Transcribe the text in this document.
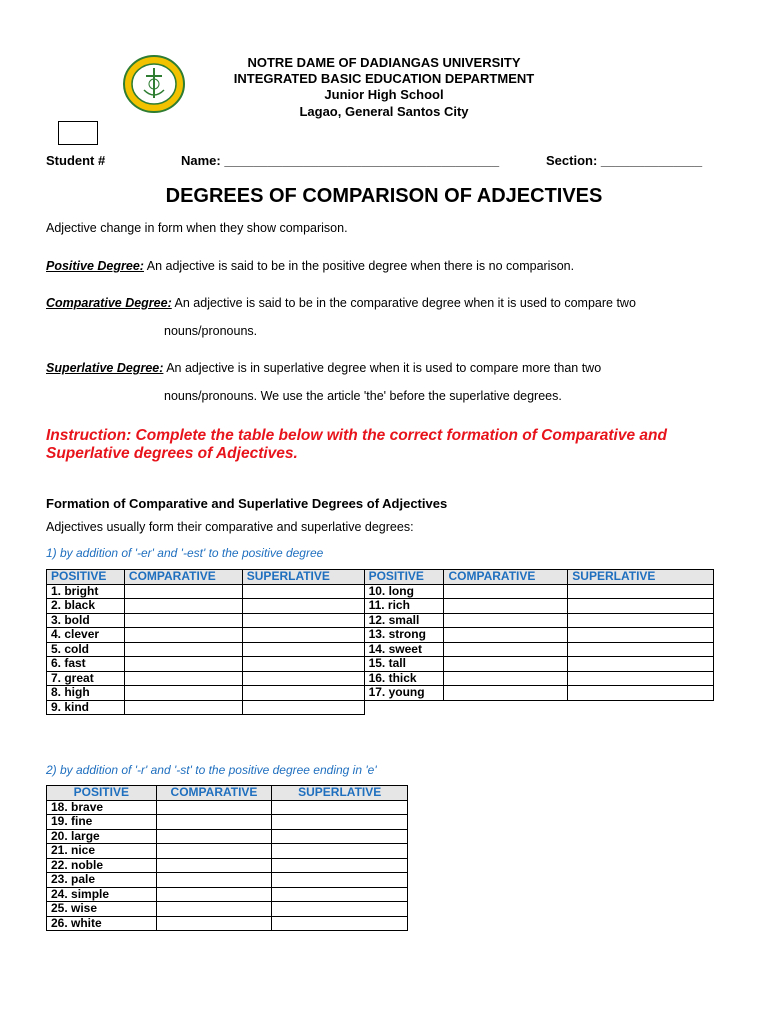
NOTRE DAME OF DADIANGAS UNIVERSITY
INTEGRATED BASIC EDUCATION DEPARTMENT
Junior High School
Lagao, General Santos City
Student #	Name: ______________________________________	Section: ______________
DEGREES OF COMPARISON OF ADJECTIVES
Adjective change in form when they show comparison.
Positive Degree: An adjective is said to be in the positive degree when there is no comparison.
Comparative Degree: An adjective is said to be in the comparative degree when it is used to compare two
nouns/pronouns.
Superlative Degree: An adjective is in superlative degree when it is used to compare more than two
nouns/pronouns. We use the article 'the' before the superlative degrees.
Instruction: Complete the table below with the correct formation of Comparative and Superlative degrees of Adjectives.
Formation of Comparative and Superlative Degrees of Adjectives
Adjectives usually form their comparative and superlative degrees:
1) by addition of '-er' and '-est' to the positive degree
POSITIVE	COMPARATIVE	SUPERLATIVE	POSITIVE	COMPARATIVE	SUPERLATIVE
1. bright			10. long		
2. black			11. rich		
3. bold			12. small		
4. clever			13. strong		
5. cold			14. sweet		
6. fast			15. tall		
7. great			16. thick		
8. high			17. young		
9. kind					
2) by addition of '-r' and '-st' to the positive degree ending in 'e'
POSITIVE	COMPARATIVE	SUPERLATIVE
18. brave		
19. fine		
20. large		
21. nice		
22. noble		
23. pale		
24. simple		
25. wise		
26. white		
